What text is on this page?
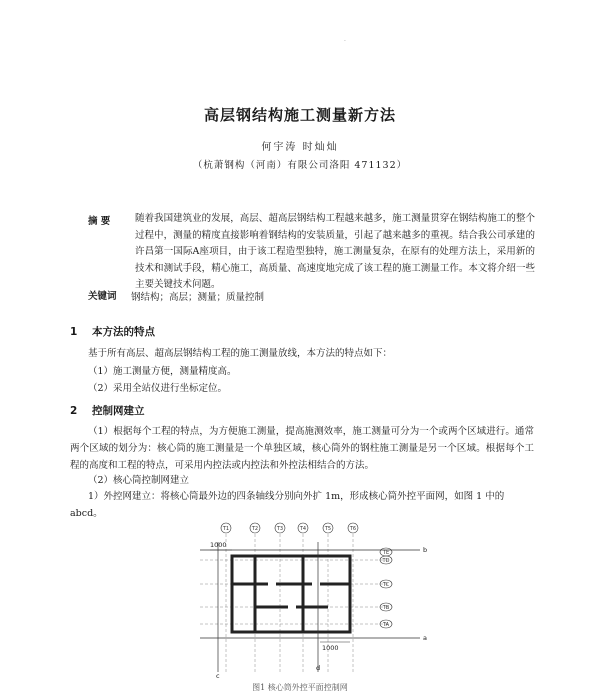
·
高层钢结构施工测量新方法
何宇涛 时灿灿
（杭萧钢构（河南）有限公司洛阳 471132）
摘 要	随着我国建筑业的发展，高层、超高层钢结构工程越来越多，施工测量贯穿在钢结构施工的整个过程中，测量的精度直接影响着钢结构的安装质量，引起了越来越多的重视。结合我公司承建的许昌第一国际A座项目，由于该工程造型独特，施工测量复杂，在原有的处理方法上，采用新的技术和测试手段，精心施工，高质量、高速度地完成了该工程的施工测量工作。本文将介绍一些主要关键技术问题。
关键词 钢结构；高层；测量；质量控制
1 本方法的特点
基于所有高层、超高层钢结构工程的施工测量放线，本方法的特点如下：
（1）施工测量方便，测量精度高。
（2）采用全站仪进行坐标定位。
2 控制网建立
（1）根据每个工程的特点，为方便施工测量，提高施测效率，施工测量可分为一个或两个区域进行。通常两个区域的划分为：核心筒的施工测量是一个单独区域，核心筒外的钢柱施工测量是另一个区域。根据每个工程的高度和工程的特点，可采用内控法或内控法和外控法相结合的方法。
（2）核心筒控制网建立
1）外控网建立：将核心筒最外边的四条轴线分别向外扩 1m，形成核心筒外控平面网，如图 1 中的abcd。
T1	T2	T3	T4	T5	T6
TE
TD
TC
TB
TA
1000
1000
b
a
c
d
图1 核心筒外控平面控制网
